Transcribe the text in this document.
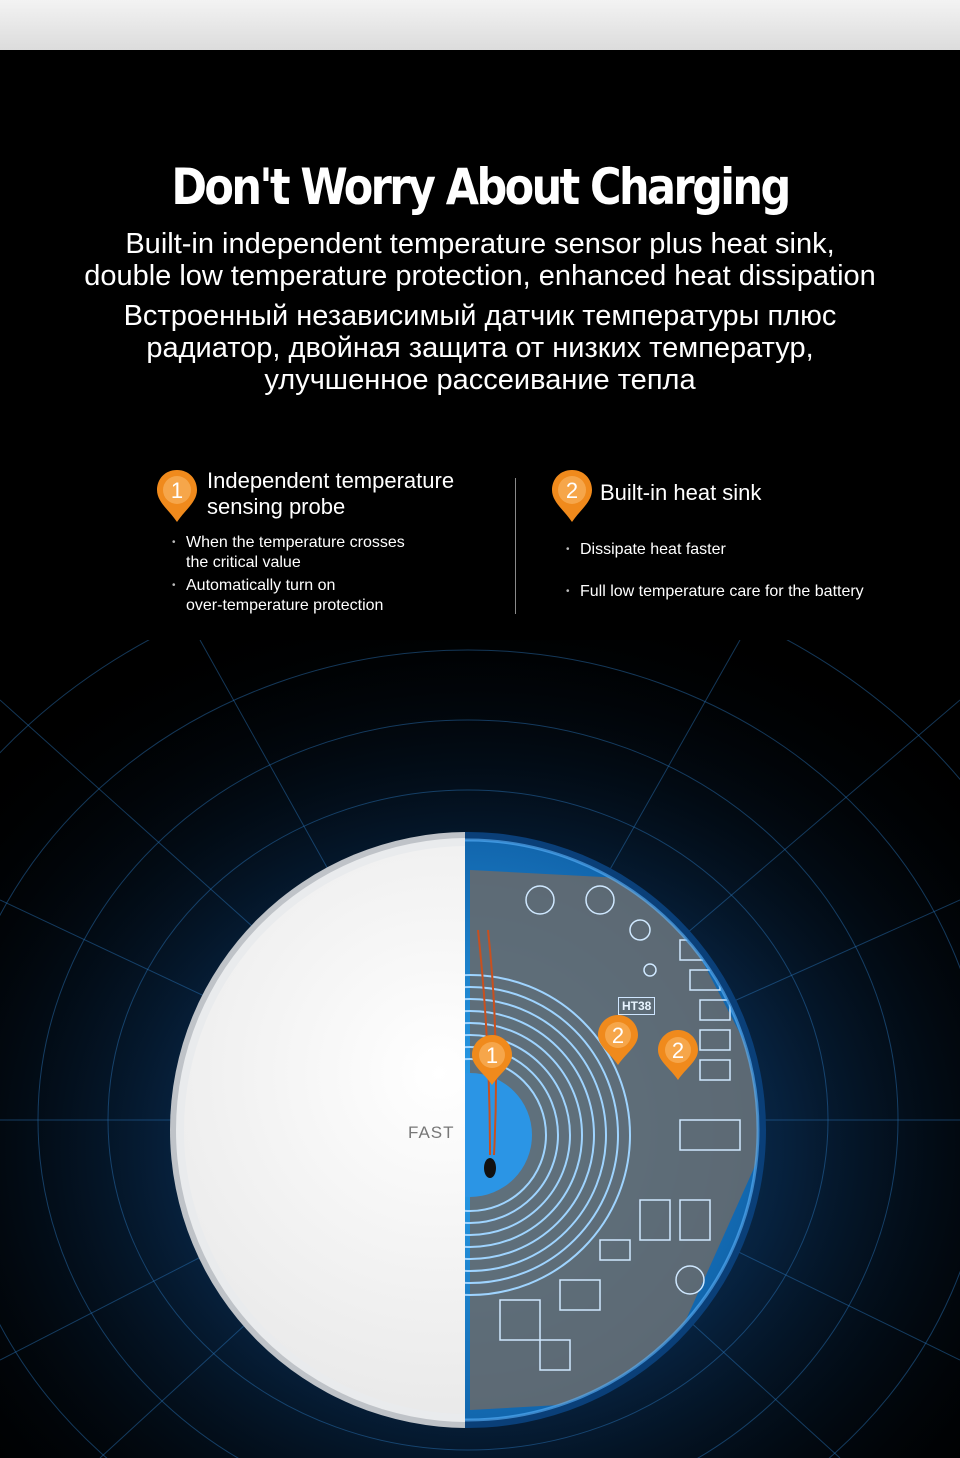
Don't Worry About Charging
Built-in independent temperature sensor plus heat sink,
double low temperature protection, enhanced heat dissipation
Встроенный независимый датчик температуры плюс
радиатор, двойная защита от низких температур,
улучшенное рассеивание тепла
1 Independent temperature
sensing probe
• When the temperature crosses
the critical value
• Automatically turn on
over-temperature protection
2 Built-in heat sink
• Dissipate heat faster
• Full low temperature care for the battery
1
2
2
HT38
FAST
